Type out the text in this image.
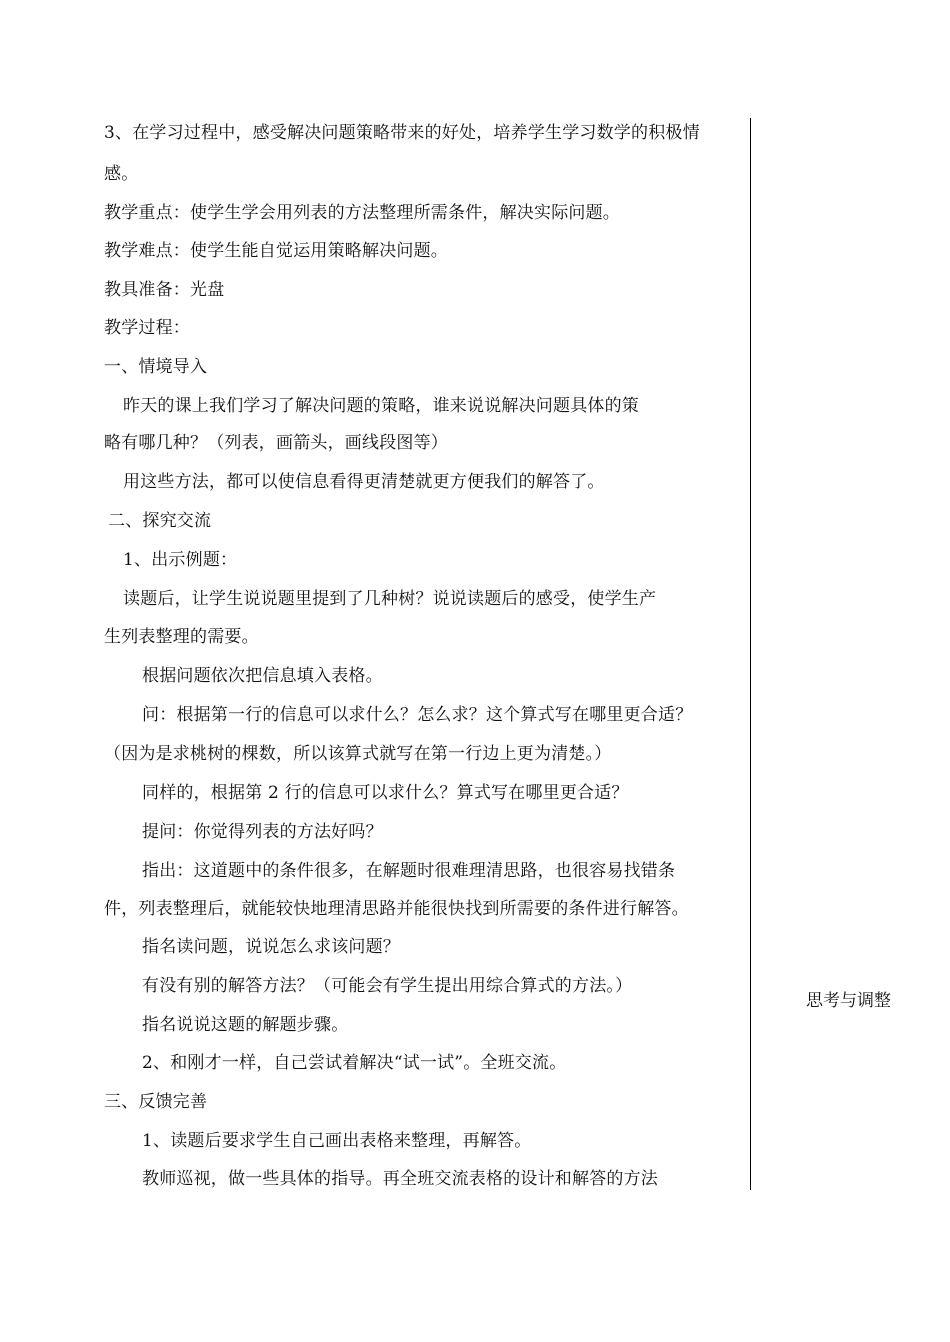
3、在学习过程中，感受解决问题策略带来的好处，培养学生学习数学的积极情
感。
教学重点：使学生学会用列表的方法整理所需条件，解决实际问题。
教学难点：使学生能自觉运用策略解决问题。
教具准备：光盘
教学过程：
一、情境导入
昨天的课上我们学习了解决问题的策略，谁来说说解决问题具体的策
略有哪几种？（列表，画箭头，画线段图等）
用这些方法，都可以使信息看得更清楚就更方便我们的解答了。
二、探究交流
1、出示例题：
读题后，让学生说说题里提到了几种树？说说读题后的感受，使学生产
生列表整理的需要。
根据问题依次把信息填入表格。
问：根据第一行的信息可以求什么？怎么求？这个算式写在哪里更合适？
（因为是求桃树的棵数，所以该算式就写在第一行边上更为清楚。）
同样的，根据第 2 行的信息可以求什么？算式写在哪里更合适？
提问：你觉得列表的方法好吗？
指出：这道题中的条件很多，在解题时很难理清思路，也很容易找错条
件，列表整理后，就能较快地理清思路并能很快找到所需要的条件进行解答。
指名读问题，说说怎么求该问题？
有没有别的解答方法？（可能会有学生提出用综合算式的方法。）
指名说说这题的解题步骤。
2、和刚才一样，自己尝试着解决“试一试”。全班交流。
三、反馈完善
1、读题后要求学生自己画出表格来整理，再解答。
教师巡视，做一些具体的指导。再全班交流表格的设计和解答的方法
思考与调整
